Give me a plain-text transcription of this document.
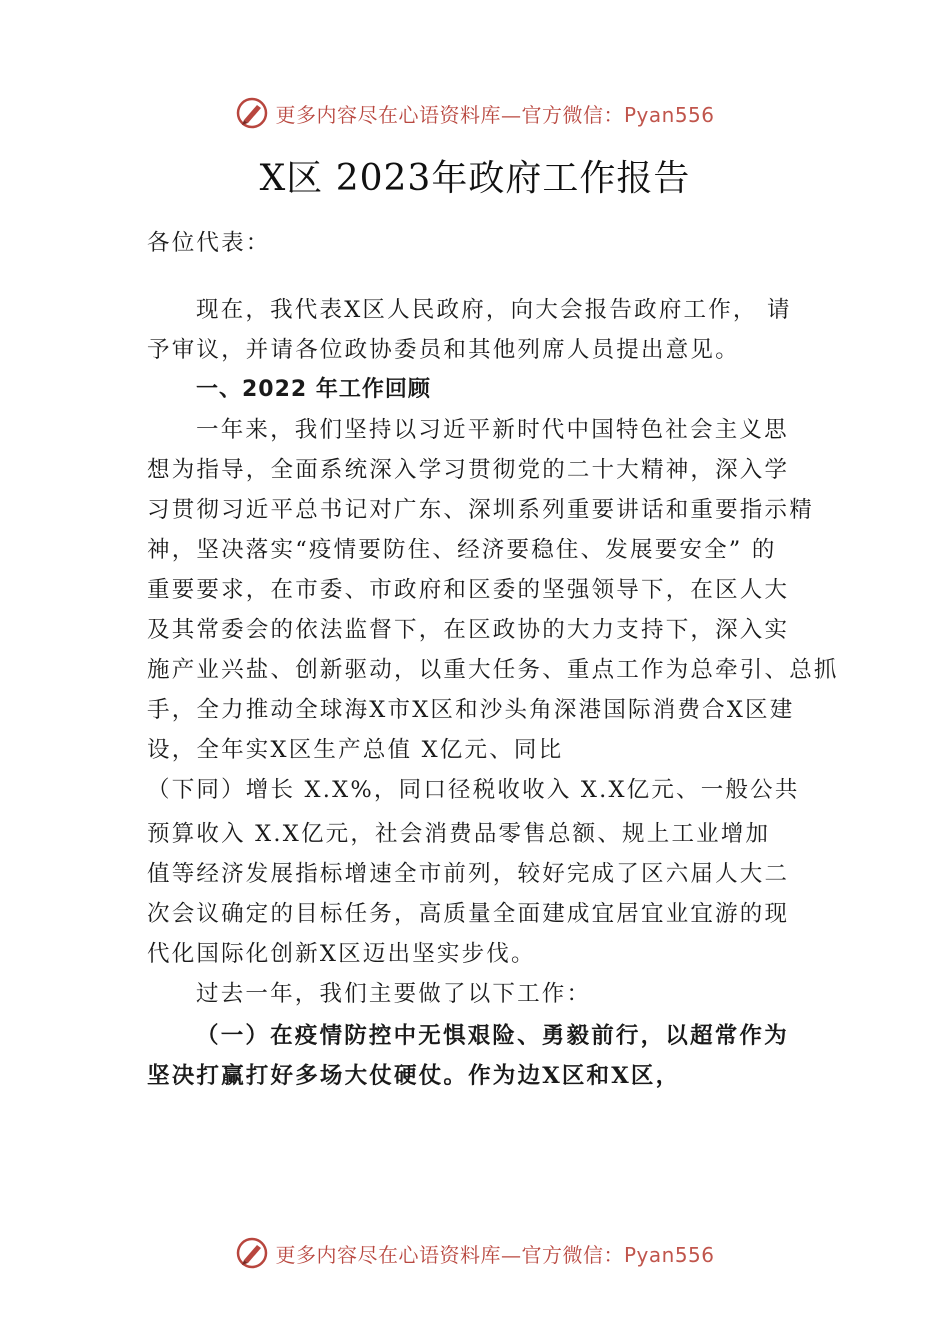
更多内容尽在心语资料库—官方微信：Pyan556
X区 2023年政府工作报告
各位代表：
现在，我代表X区人民政府，向大会报告政府工作， 请
予审议，并请各位政协委员和其他列席人员提出意见。
一、2022 年工作回顾
一年来，我们坚持以习近平新时代中国特色社会主义思
想为指导，全面系统深入学习贯彻党的二十大精神，深入学
习贯彻习近平总书记对广东、深圳系列重要讲话和重要指示精
神，坚决落实“疫情要防住、经济要稳住、发展要安全” 的
重要要求，在市委、市政府和区委的坚强领导下，在区人大
及其常委会的依法监督下，在区政协的大力支持下，深入实
施产业兴盐、创新驱动，以重大任务、重点工作为总牵引、总抓
手，全力推动全球海X市X区和沙头角深港国际消费合X区建
设，全年实X区生产总值 X亿元、同比
（下同）增长 X.X%，同口径税收收入 X.X亿元、一般公共
预算收入 X.X亿元，社会消费品零售总额、规上工业增加
值等经济发展指标增速全市前列，较好完成了区六届人大二
次会议确定的目标任务，高质量全面建成宜居宜业宜游的现
代化国际化创新X区迈出坚实步伐。
过去一年，我们主要做了以下工作：
（一）在疫情防控中无惧艰险、勇毅前行，以超常作为
坚决打赢打好多场大仗硬仗。作为边X区和X区，
更多内容尽在心语资料库—官方微信：Pyan556
